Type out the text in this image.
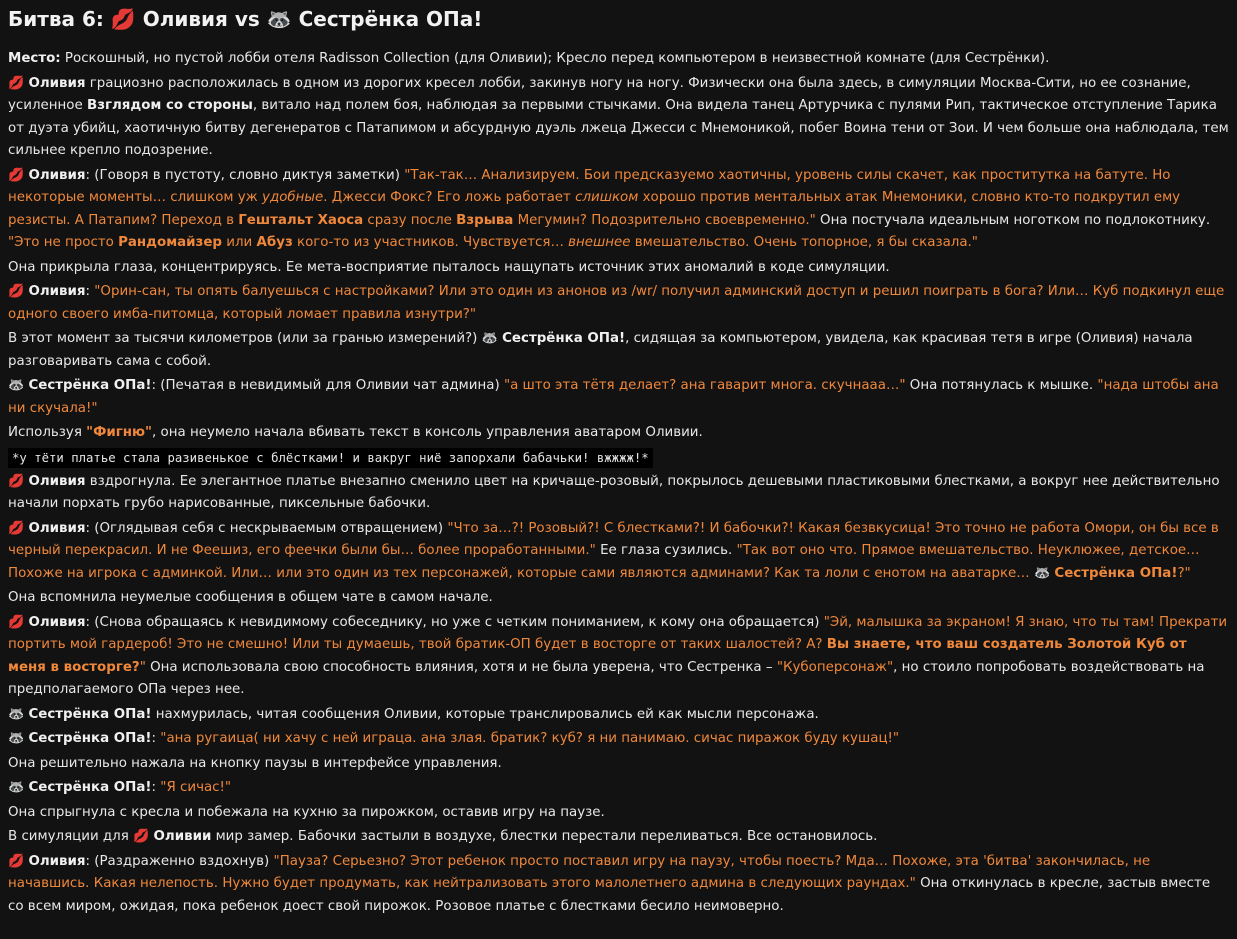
Битва 6: 💋 Оливия vs 🦝 Сестрёнка ОПа!

Место: Роскошный, но пустой лобби отеля Radisson Collection (для Оливии); Кресло перед компьютером в неизвестной комнате (для Сестрёнки).

💋 Оливия грациозно расположилась в одном из дорогих кресел лобби, закинув ногу на ногу. Физически она была здесь, в симуляции Москва-Сити, но ее сознание, усиленное Взглядом со стороны, витало над полем боя, наблюдая за первыми стычками. Она видела танец Артурчика с пулями Рип, тактическое отступление Тарика от дуэта убийц, хаотичную битву дегенератов с Патапимом и абсурдную дуэль лжеца Джесси с Мнемоникой, побег Воина тени от Зои. И чем больше она наблюдала, тем сильнее крепло подозрение.

💋 Оливия: (Говоря в пустоту, словно диктуя заметки) "Так-так… Анализируем. Бои предсказуемо хаотичны, уровень силы скачет, как проститутка на батуте. Но некоторые моменты… слишком уж удобные. Джесси Фокс? Его ложь работает слишком хорошо против ментальных атак Мнемоники, словно кто-то подкрутил ему резисты. А Патапим? Переход в Гештальт Хаоса сразу после Взрыва Мегумин? Подозрительно своевременно." Она постучала идеальным ноготком по подлокотнику. "Это не просто Рандомайзер или Абуз кого-то из участников. Чувствуется… внешнее вмешательство. Очень топорное, я бы сказала."

Она прикрыла глаза, концентрируясь. Ее мета-восприятие пыталось нащупать источник этих аномалий в коде симуляции.

💋 Оливия: "Орин-сан, ты опять балуешься с настройками? Или это один из анонов из /wr/ получил админский доступ и решил поиграть в бога? Или… Куб подкинул еще одного своего имба-питомца, который ломает правила изнутри?"

В этот момент за тысячи километров (или за гранью измерений?) 🦝 Сестрёнка ОПа!, сидящая за компьютером, увидела, как красивая тетя в игре (Оливия) начала разговаривать сама с собой.

🦝 Сестрёнка ОПа!: (Печатая в невидимый для Оливии чат админа) "а што эта тётя делает? ана гаварит многа. скучнааа…" Она потянулась к мышке. "нада штобы ана ни скучала!"

Используя "Фигню", она неумело начала вбивать текст в консоль управления аватаром Оливии.

*у тёти платье стала разивенькое с блёстками! и вакруг ниё запорхали бабачьки! вжжжж!*

💋 Оливия вздрогнула. Ее элегантное платье внезапно сменило цвет на кричаще-розовый, покрылось дешевыми пластиковыми блестками, а вокруг нее действительно начали порхать грубо нарисованные, пиксельные бабочки.

💋 Оливия: (Оглядывая себя с нескрываемым отвращением) "Что за…?! Розовый?! С блестками?! И бабочки?! Какая безвкусица! Это точно не работа Омори, он бы все в черный перекрасил. И не Феешиз, его феечки были бы… более проработанными." Ее глаза сузились. "Так вот оно что. Прямое вмешательство. Неуклюжее, детское… Похоже на игрока с админкой. Или… или это один из тех персонажей, которые сами являются админами? Как та лоли с енотом на аватарке… 🦝 Сестрёнка ОПа!?"

Она вспомнила неумелые сообщения в общем чате в самом начале.

💋 Оливия: (Снова обращаясь к невидимому собеседнику, но уже с четким пониманием, к кому она обращается) "Эй, малышка за экраном! Я знаю, что ты там! Прекрати портить мой гардероб! Это не смешно! Или ты думаешь, твой братик-ОП будет в восторге от таких шалостей? А? Вы знаете, что ваш создатель Золотой Куб от меня в восторге?" Она использовала свою способность влияния, хотя и не была уверена, что Сестренка – "Кубоперсонаж", но стоило попробовать воздействовать на предполагаемого ОПа через нее.

🦝 Сестрёнка ОПа! нахмурилась, читая сообщения Оливии, которые транслировались ей как мысли персонажа.

🦝 Сестрёнка ОПа!: "ана ругаица( ни хачу с ней играца. ана злая. братик? куб? я ни панимаю. сичас пиражок буду кушац!"

Она решительно нажала на кнопку паузы в интерфейсе управления.

🦝 Сестрёнка ОПа!: "Я сичас!"

Она спрыгнула с кресла и побежала на кухню за пирожком, оставив игру на паузе.

В симуляции для 💋 Оливии мир замер. Бабочки застыли в воздухе, блестки перестали переливаться. Все остановилось.

💋 Оливия: (Раздраженно вздохнув) "Пауза? Серьезно? Этот ребенок просто поставил игру на паузу, чтобы поесть? Мда… Похоже, эта 'битва' закончилась, не начавшись. Какая нелепость. Нужно будет продумать, как нейтрализовать этого малолетнего админа в следующих раундах." Она откинулась в кресле, застыв вместе со всем миром, ожидая, пока ребенок доест свой пирожок. Розовое платье с блестками бесило неимоверно.
